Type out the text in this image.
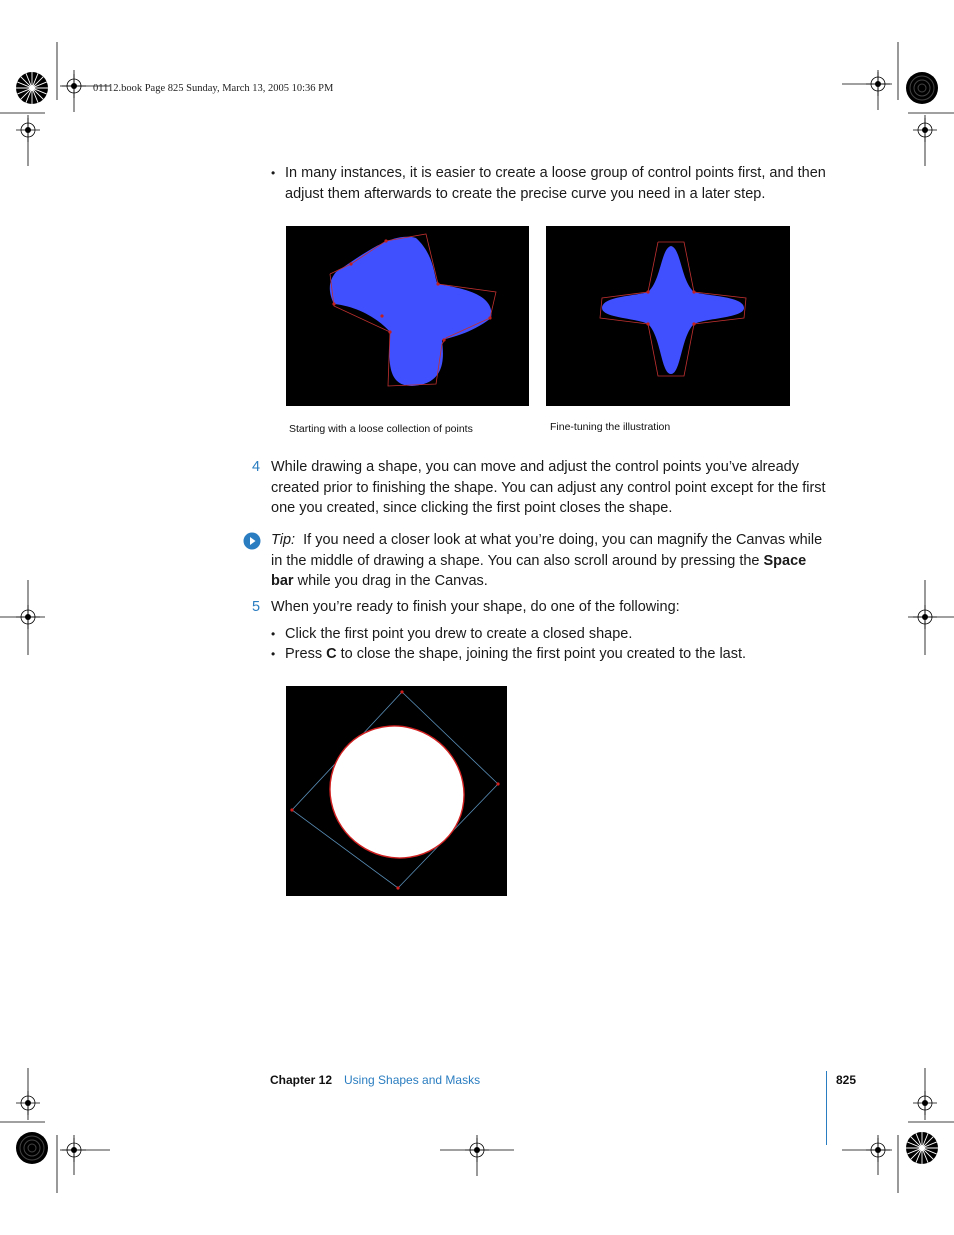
01112.book Page 825 Sunday, March 13, 2005 10:36 PM
• In many instances, it is easier to create a loose group of control points first, and then adjust them afterwards to create the precise curve you need in a later step.
Starting with a loose collection of points	Fine-tuning the illustration
4 While drawing a shape, you can move and adjust the control points you’ve already created prior to finishing the shape. You can adjust any control point except for the first one you created, since clicking the first point closes the shape.
Tip: If you need a closer look at what you’re doing, you can magnify the Canvas while in the middle of drawing a shape. You can also scroll around by pressing the Space bar while you drag in the Canvas.
5 When you’re ready to finish your shape, do one of the following:
• Click the first point you drew to create a closed shape.
• Press C to close the shape, joining the first point you created to the last.
Chapter 12 Using Shapes and Masks	825
